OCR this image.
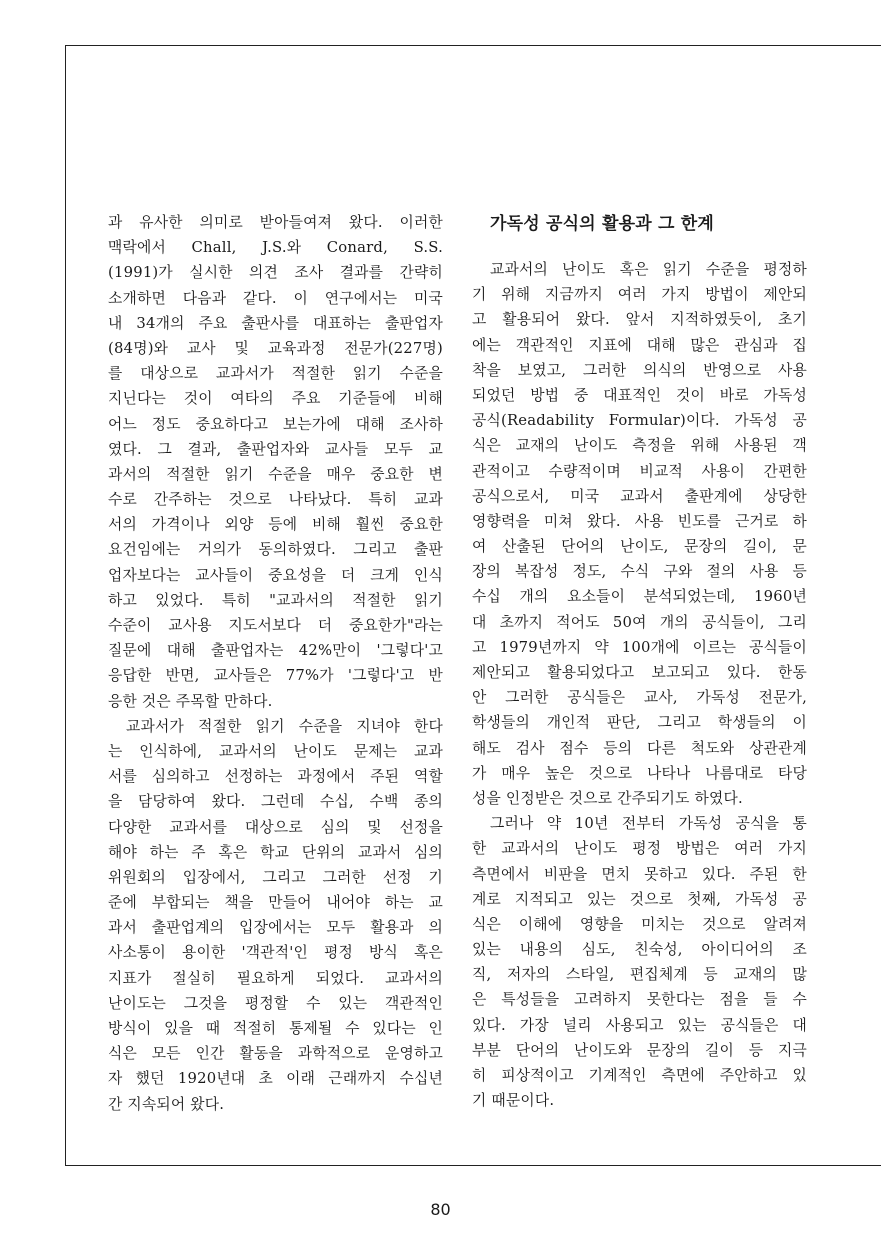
과 유사한 의미로 받아들여져 왔다. 이러한
맥락에서 Chall, J.S.와 Conard, S.S.
(1991)가 실시한 의견 조사 결과를 간략히
소개하면 다음과 같다. 이 연구에서는 미국
내 34개의 주요 출판사를 대표하는 출판업자
(84명)와 교사 및 교육과정 전문가(227명)
를 대상으로 교과서가 적절한 읽기 수준을
지닌다는 것이 여타의 주요 기준들에 비해
어느 정도 중요하다고 보는가에 대해 조사하
였다. 그 결과, 출판업자와 교사들 모두 교
과서의 적절한 읽기 수준을 매우 중요한 변
수로 간주하는 것으로 나타났다. 특히 교과
서의 가격이나 외양 등에 비해 훨씬 중요한
요건임에는 거의가 동의하였다. 그리고 출판
업자보다는 교사들이 중요성을 더 크게 인식
하고 있었다. 특히 "교과서의 적절한 읽기
수준이 교사용 지도서보다 더 중요한가"라는
질문에 대해 출판업자는 42%만이 '그렇다'고
응답한 반면, 교사들은 77%가 '그렇다'고 반
응한 것은 주목할 만하다.
교과서가 적절한 읽기 수준을 지녀야 한다
는 인식하에, 교과서의 난이도 문제는 교과
서를 심의하고 선정하는 과정에서 주된 역할
을 담당하여 왔다. 그런데 수십, 수백 종의
다양한 교과서를 대상으로 심의 및 선정을
해야 하는 주 혹은 학교 단위의 교과서 심의
위원회의 입장에서, 그리고 그러한 선정 기
준에 부합되는 책을 만들어 내어야 하는 교
과서 출판업계의 입장에서는 모두 활용과 의
사소통이 용이한 '객관적'인 평정 방식 혹은
지표가 절실히 필요하게 되었다. 교과서의
난이도는 그것을 평정할 수 있는 객관적인
방식이 있을 때 적절히 통제될 수 있다는 인
식은 모든 인간 활동을 과학적으로 운영하고
자 했던 1920년대 초 이래 근래까지 수십년
간 지속되어 왔다.
가독성 공식의 활용과 그 한계
교과서의 난이도 혹은 읽기 수준을 평정하
기 위해 지금까지 여러 가지 방법이 제안되
고 활용되어 왔다. 앞서 지적하였듯이, 초기
에는 객관적인 지표에 대해 많은 관심과 집
착을 보였고, 그러한 의식의 반영으로 사용
되었던 방법 중 대표적인 것이 바로 가독성
공식(Readability Formular)이다. 가독성 공
식은 교재의 난이도 측정을 위해 사용된 객
관적이고 수량적이며 비교적 사용이 간편한
공식으로서, 미국 교과서 출판계에 상당한
영향력을 미쳐 왔다. 사용 빈도를 근거로 하
여 산출된 단어의 난이도, 문장의 길이, 문
장의 복잡성 정도, 수식 구와 절의 사용 등
수십 개의 요소들이 분석되었는데, 1960년
대 초까지 적어도 50여 개의 공식들이, 그리
고 1979년까지 약 100개에 이르는 공식들이
제안되고 활용되었다고 보고되고 있다. 한동
안 그러한 공식들은 교사, 가독성 전문가,
학생들의 개인적 판단, 그리고 학생들의 이
해도 검사 점수 등의 다른 척도와 상관관계
가 매우 높은 것으로 나타나 나름대로 타당
성을 인정받은 것으로 간주되기도 하였다.
그러나 약 10년 전부터 가독성 공식을 통
한 교과서의 난이도 평정 방법은 여러 가지
측면에서 비판을 면치 못하고 있다. 주된 한
계로 지적되고 있는 것으로 첫째, 가독성 공
식은 이해에 영향을 미치는 것으로 알려져
있는 내용의 심도, 친숙성, 아이디어의 조
직, 저자의 스타일, 편집체계 등 교재의 많
은 특성들을 고려하지 못한다는 점을 들 수
있다. 가장 널리 사용되고 있는 공식들은 대
부분 단어의 난이도와 문장의 길이 등 지극
히 피상적이고 기계적인 측면에 주안하고 있
기 때문이다.
80
